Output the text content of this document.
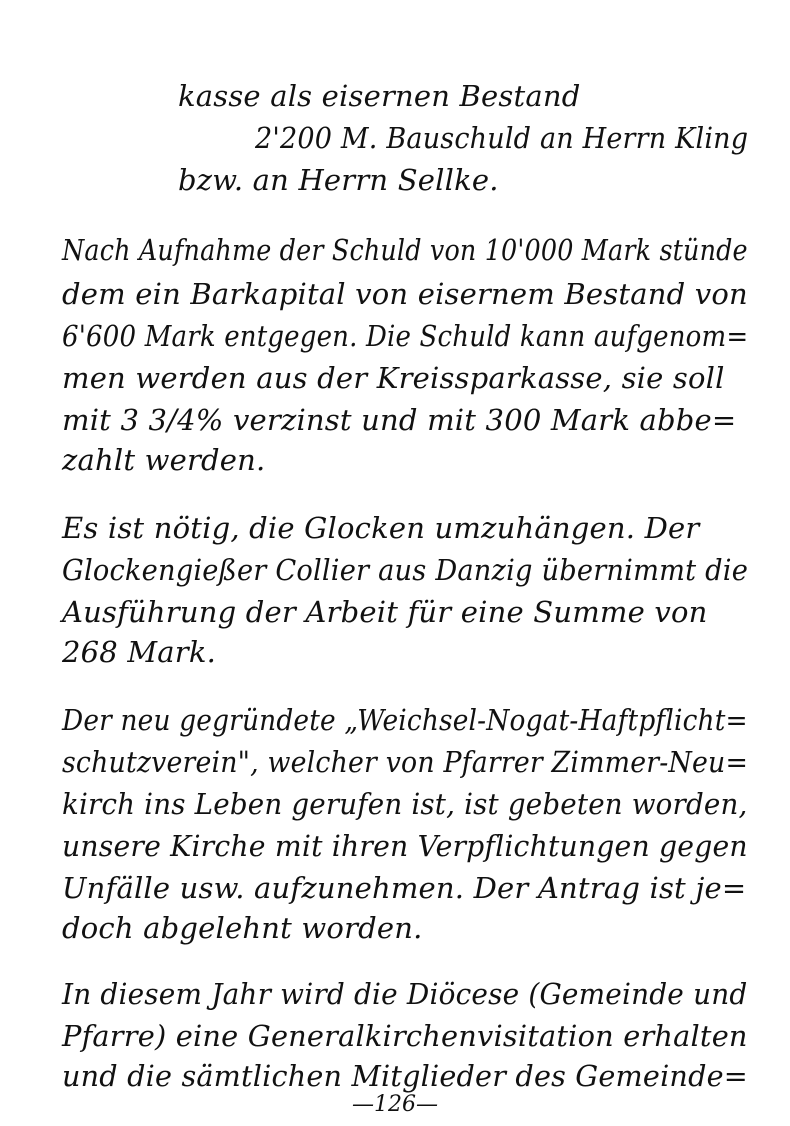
kasse als eisernen Bestand
2'200 M. Bauschuld an Herrn Kling
bzw. an Herrn Sellke.
Nach Aufnahme der Schuld von 10'000 Mark stünde
dem ein Barkapital von eisernem Bestand von
6'600 Mark entgegen. Die Schuld kann aufgenom=
men werden aus der Kreissparkasse, sie soll
mit 3 3/4% verzinst und mit 300 Mark abbe=
zahlt werden.
Es ist nötig, die Glocken umzuhängen. Der
Glockengießer Collier aus Danzig übernimmt die
Ausführung der Arbeit für eine Summe von
268 Mark.
Der neu gegründete „Weichsel-Nogat-Haftpflicht=
schutzverein", welcher von Pfarrer Zimmer-Neu=
kirch ins Leben gerufen ist, ist gebeten worden,
unsere Kirche mit ihren Verpflichtungen gegen
Unfälle usw. aufzunehmen. Der Antrag ist je=
doch abgelehnt worden.
In diesem Jahr wird die Diöcese (Gemeinde und
Pfarre) eine Generalkirchenvisitation erhalten
und die sämtlichen Mitglieder des Gemeinde=
—126—
